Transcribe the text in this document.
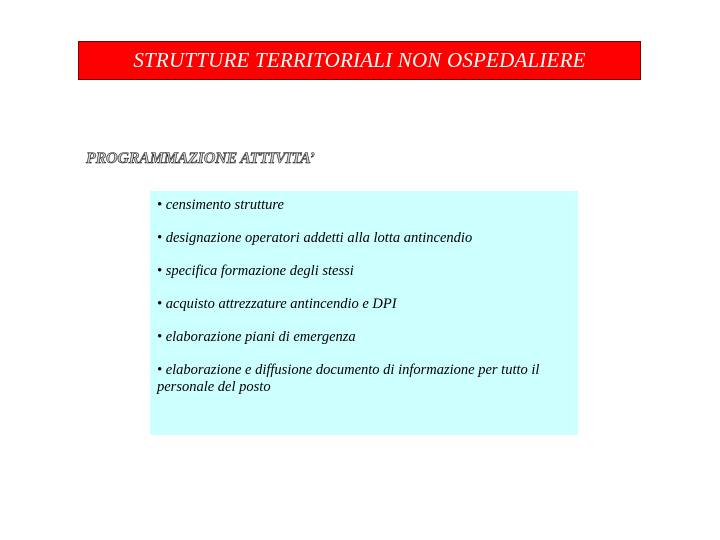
STRUTTURE TERRITORIALI NON OSPEDALIERE
PROGRAMMAZIONE ATTIVITA’
• censimento strutture
• designazione operatori addetti alla lotta antincendio
• specifica formazione degli stessi
• acquisto attrezzature antincendio e DPI
• elaborazione piani di emergenza
• elaborazione e diffusione documento di informazione per tutto il personale del posto
